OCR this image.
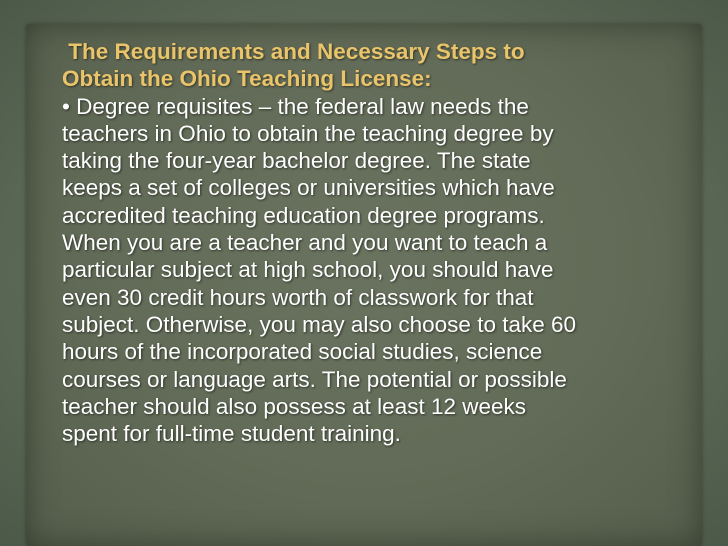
The Requirements and Necessary Steps to
Obtain the Ohio Teaching License:
• Degree requisites – the federal law needs the
teachers in Ohio to obtain the teaching degree by
taking the four-year bachelor degree. The state
keeps a set of colleges or universities which have
accredited teaching education degree programs.
When you are a teacher and you want to teach a
particular subject at high school, you should have
even 30 credit hours worth of classwork for that
subject. Otherwise, you may also choose to take 60
hours of the incorporated social studies, science
courses or language arts. The potential or possible
teacher should also possess at least 12 weeks
spent for full-time student training.
